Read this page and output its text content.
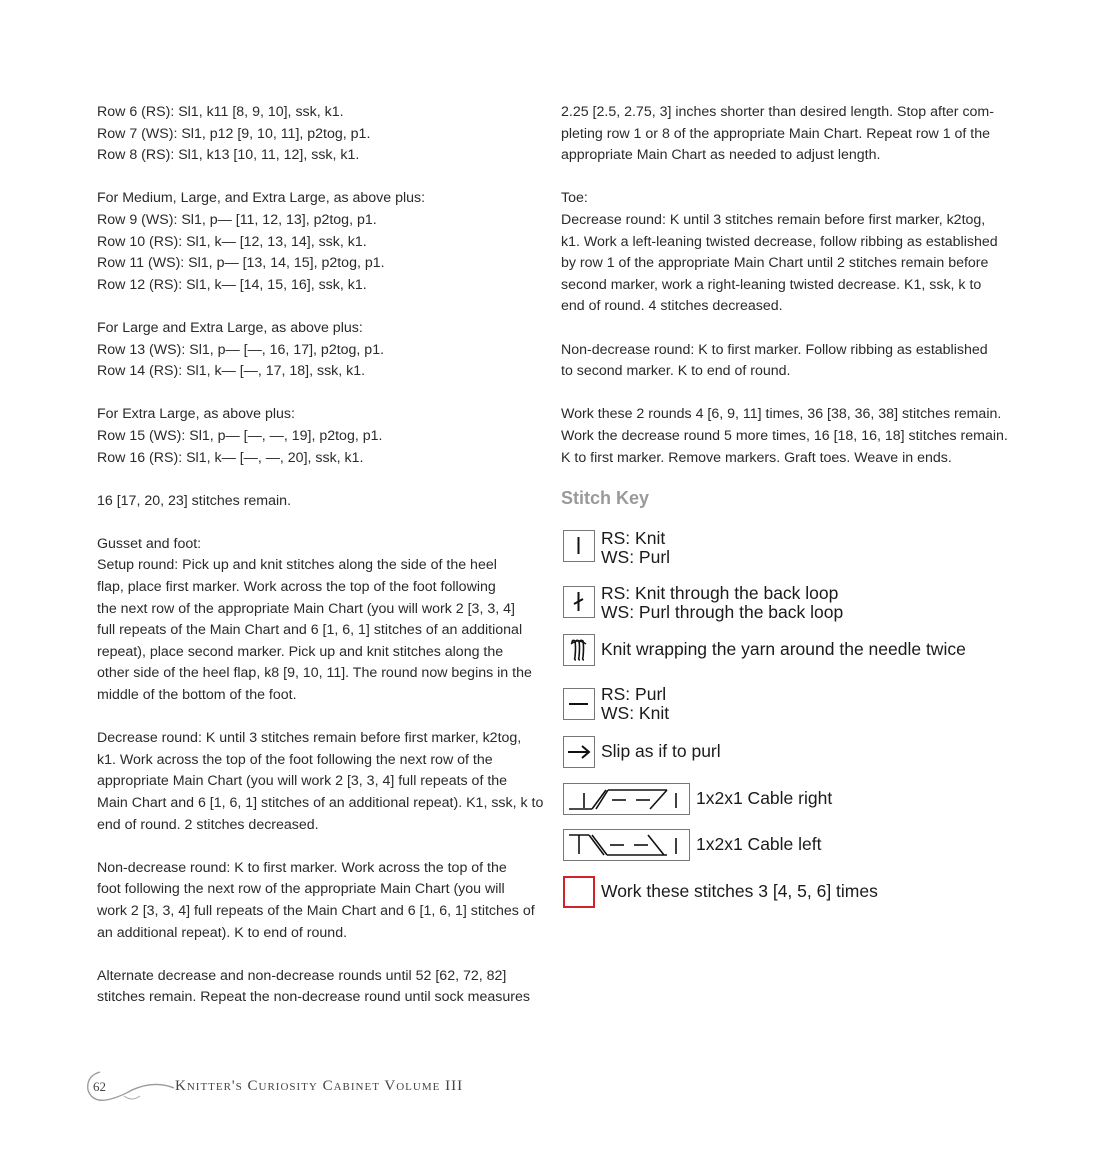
Row 6 (RS): Sl1, k11 [8, 9, 10], ssk, k1.
Row 7 (WS): Sl1, p12 [9, 10, 11], p2tog, p1.
Row 8 (RS): Sl1, k13 [10, 11, 12], ssk, k1.

For Medium, Large, and Extra Large, as above plus:
Row 9 (WS): Sl1, p— [11, 12, 13], p2tog, p1.
Row 10 (RS): Sl1, k— [12, 13, 14], ssk, k1.
Row 11 (WS): Sl1, p— [13, 14, 15], p2tog, p1.
Row 12 (RS): Sl1, k— [14, 15, 16], ssk, k1.

For Large and Extra Large, as above plus:
Row 13 (WS): Sl1, p— [—, 16, 17], p2tog, p1.
Row 14 (RS): Sl1, k— [—, 17, 18], ssk, k1.

For Extra Large, as above plus:
Row 15 (WS): Sl1, p— [—, —, 19], p2tog, p1.
Row 16 (RS): Sl1, k— [—, —, 20], ssk, k1.

16 [17, 20, 23] stitches remain.

Gusset and foot:
Setup round: Pick up and knit stitches along the side of the heel
flap, place first marker. Work across the top of the foot following
the next row of the appropriate Main Chart (you will work 2 [3, 3, 4]
full repeats of the Main Chart and 6 [1, 6, 1] stitches of an additional
repeat), place second marker. Pick up and knit stitches along the
other side of the heel flap, k8 [9, 10, 11]. The round now begins in the
middle of the bottom of the foot.

Decrease round: K until 3 stitches remain before first marker, k2tog,
k1. Work across the top of the foot following the next row of the
appropriate Main Chart (you will work 2 [3, 3, 4] full repeats of the
Main Chart and 6 [1, 6, 1] stitches of an additional repeat). K1, ssk, k to
end of round. 2 stitches decreased.

Non-decrease round: K to first marker. Work across the top of the
foot following the next row of the appropriate Main Chart (you will
work 2 [3, 3, 4] full repeats of the Main Chart and 6 [1, 6, 1] stitches of
an additional repeat). K to end of round.

Alternate decrease and non-decrease rounds until 52 [62, 72, 82]
stitches remain. Repeat the non-decrease round until sock measures

2.25 [2.5, 2.75, 3] inches shorter than desired length. Stop after com-
pleting row 1 or 8 of the appropriate Main Chart. Repeat row 1 of the
appropriate Main Chart as needed to adjust length.

Toe:
Decrease round: K until 3 stitches remain before first marker, k2tog,
k1. Work a left-leaning twisted decrease, follow ribbing as established
by row 1 of the appropriate Main Chart until 2 stitches remain before
second marker, work a right-leaning twisted decrease. K1, ssk, k to
end of round. 4 stitches decreased.

Non-decrease round: K to first marker. Follow ribbing as established
to second marker. K to end of round.

Work these 2 rounds 4 [6, 9, 11] times, 36 [38, 36, 38] stitches remain.
Work the decrease round 5 more times, 16 [18, 16, 18] stitches remain.
K to first marker. Remove markers. Graft toes. Weave in ends.

Stitch Key
RS: Knit
WS: Purl
RS: Knit through the back loop
WS: Purl through the back loop
Knit wrapping the yarn around the needle twice
RS: Purl
WS: Knit
Slip as if to purl
1x2x1 Cable right
1x2x1 Cable left
Work these stitches 3 [4, 5, 6] times
62	Knitter's Curiosity Cabinet Volume III
